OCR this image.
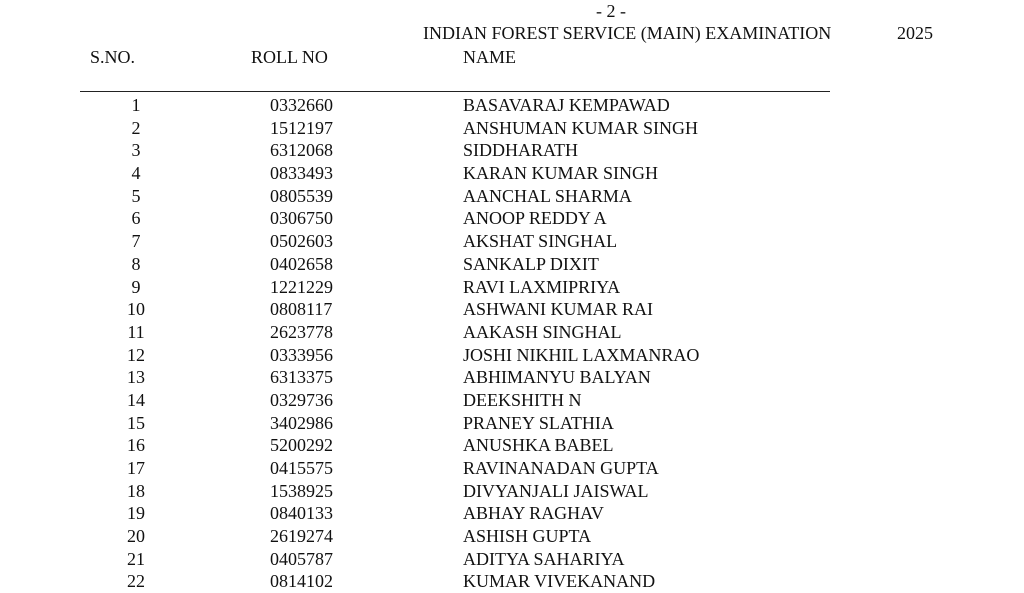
- 2 -
INDIAN FOREST SERVICE (MAIN) EXAMINATION	2025
S.NO.	ROLL NO	NAME
1	0332660	BASAVARAJ KEMPAWAD
2	1512197	ANSHUMAN KUMAR SINGH
3	6312068	SIDDHARATH
4	0833493	KARAN KUMAR SINGH
5	0805539	AANCHAL SHARMA
6	0306750	ANOOP REDDY A
7	0502603	AKSHAT SINGHAL
8	0402658	SANKALP DIXIT
9	1221229	RAVI LAXMIPRIYA
10	0808117	ASHWANI KUMAR RAI
11	2623778	AAKASH SINGHAL
12	0333956	JOSHI NIKHIL LAXMANRAO
13	6313375	ABHIMANYU BALYAN
14	0329736	DEEKSHITH N
15	3402986	PRANEY SLATHIA
16	5200292	ANUSHKA BABEL
17	0415575	RAVINANADAN GUPTA
18	1538925	DIVYANJALI JAISWAL
19	0840133	ABHAY RAGHAV
20	2619274	ASHISH GUPTA
21	0405787	ADITYA SAHARIYA
22	0814102	KUMAR VIVEKANAND
